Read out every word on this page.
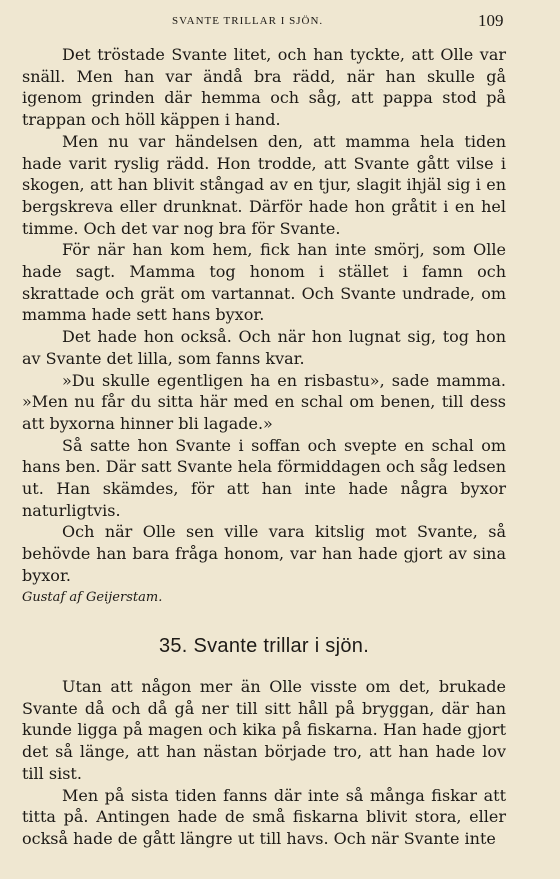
SVANTE TRILLAR I SJÖN.	109

Det tröstade Svante litet, och han tyckte, att Olle var snäll. Men han var ändå bra rädd, när han skulle gå igenom grinden där hemma och såg, att pappa stod på trappan och höll käppen i hand.

Men nu var händelsen den, att mamma hela tiden hade varit ryslig rädd. Hon trodde, att Svante gått vilse i skogen, att han blivit stångad av en tjur, slagit ihjäl sig i en bergskreva eller drunknat. Därför hade hon gråtit i en hel timme. Och det var nog bra för Svante.

För när han kom hem, fick han inte smörj, som Olle hade sagt. Mamma tog honom i stället i famn och skrattade och grät om vartannat. Och Svante undrade, om mamma hade sett hans byxor.

Det hade hon också. Och när hon lugnat sig, tog hon av Svante det lilla, som fanns kvar.

»Du skulle egentligen ha en risbastu», sade mamma. »Men nu får du sitta här med en schal om benen, till dess att byxorna hinner bli lagade.»

Så satte hon Svante i soffan och svepte en schal om hans ben. Där satt Svante hela förmiddagen och såg ledsen ut. Han skämdes, för att han inte hade några byxor naturligtvis.

Och när Olle sen ville vara kitslig mot Svante, så behövde han bara fråga honom, var han hade gjort av sina byxor.

Gustaf af Geijerstam.
35. Svante trillar i sjön.

Utan att någon mer än Olle visste om det, brukade Svante då och då gå ner till sitt håll på bryggan, där han kunde ligga på magen och kika på fiskarna. Han hade gjort det så länge, att han nästan började tro, att han hade lov till sist.

Men på sista tiden fanns där inte så många fiskar att titta på. Antingen hade de små fiskarna blivit stora, eller också hade de gått längre ut till havs. Och när Svante inte
